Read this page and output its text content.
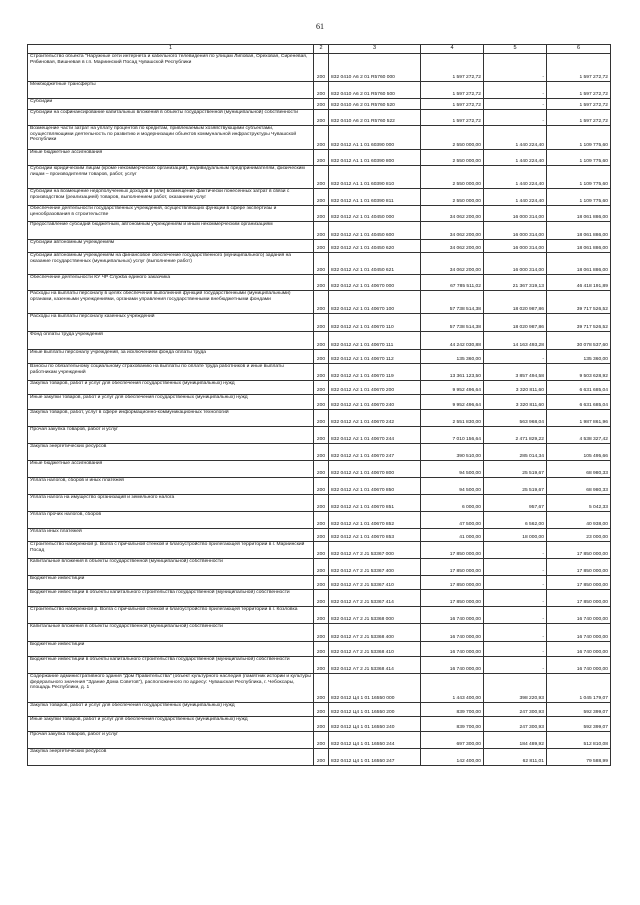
61
1	2	3	4	5	6
Строительство объекта "Наружные сети интернета и кабельного телевидения по улицам Липовая, Ореховая, Сиреневая, Рябиновая, Вишневая в г.п. Мариинский Посад Чувашской Республики	200	832 0410 А6 2 01 R5760 000	1 597 272,72	-	1 597 272,72
Межбюджетные трансферты	200	832 0410 А6 2 01 R5760 500	1 597 272,72	-	1 597 272,72
Субсидии	200	832 0410 А6 2 01 R5760 520	1 597 272,72	-	1 597 272,72
Субсидии на софинансирование капитальных вложений в объекты государственной (муниципальной) собственности	200	832 0410 А6 2 01 R5760 522	1 597 272,72	-	1 597 272,72
Возмещение части затрат на уплату процентов по кредитам, привлекаемым хозяйствующими субъектами, осуществляющими деятельность по развитию и модернизации объектов коммунальной инфраструктуры Чувашской Республики	200	832 0412 А1 1 01 60390 000	2 550 000,00	1 440 224,40	1 109 775,60
Иные бюджетные ассигнования	200	832 0412 А1 1 01 60390 800	2 550 000,00	1 440 224,40	1 109 775,60
Субсидии юридическим лицам (кроме некоммерческих организаций), индивидуальным предпринимателям, физическим лицам – производителям товаров, работ, услуг	200	832 0412 А1 1 01 60390 810	2 550 000,00	1 440 224,40	1 109 775,60
Субсидии на возмещение недополученных доходов и (или) возмещение фактически понесенных затрат в связи с производством (реализацией) товаров, выполнением работ, оказанием услуг	200	832 0412 А1 1 01 60390 811	2 550 000,00	1 440 224,40	1 109 775,60
Обеспечение деятельности государственных учреждений, осуществляющих функции в сфере экспертизы и ценообразования в строительстве	200	832 0412 А2 1 01 40450 000	34 062 200,00	16 000 314,00	18 061 886,00
Предоставление субсидий бюджетным, автономным учреждениям и иным некоммерческим организациям	200	832 0412 А2 1 01 40450 600	34 062 200,00	16 000 314,00	18 061 886,00
Субсидии автономным учреждениям	200	832 0412 А2 1 01 40450 620	34 062 200,00	16 000 314,00	18 061 886,00
Субсидии автономным учреждениям на финансовое обеспечение государственного (муниципального) задания на оказание государственных (муниципальных) услуг (выполнение работ)	200	832 0412 А2 1 01 40450 621	34 062 200,00	16 000 314,00	18 061 886,00
Обеспечение деятельности КУ ЧР Служба единого заказчика	200	832 0412 А2 1 01 40670 000	67 785 511,02	21 367 319,13	46 418 191,89
Расходы на выплаты персоналу в целях обеспечения выполнения функций государственными (муниципальными) органами, казенными учреждениями, органами управления государственными внебюджетными фондами	200	832 0412 А2 1 01 40670 100	57 738 514,38	18 020 987,86	39 717 526,52
Расходы на выплаты персоналу казенных учреждений	200	832 0412 А2 1 01 40670 110	57 738 514,38	18 020 987,86	39 717 526,52
Фонд оплаты труда учреждений	200	832 0412 А2 1 01 40670 111	44 242 030,88	14 163 493,28	30 078 537,60
Иные выплаты персоналу учреждений, за исключением фонда оплаты труда	200	832 0412 А2 1 01 40670 112	135 360,00	-	135 360,00
Взносы по обязательному социальному страхованию на выплаты по оплате труда работников и иные выплаты работникам учреждений	200	832 0412 А2 1 01 40670 119	13 361 123,50	3 857 494,58	9 503 628,92
Закупка товаров, работ и услуг для обеспечения государственных (муниципальных) нужд	200	832 0412 А2 1 01 40670 200	9 952 496,64	3 320 811,60	6 631 685,04
Иные закупки товаров, работ и услуг для обеспечения государственных (муниципальных) нужд	200	832 0412 А2 1 01 40670 240	9 952 496,64	3 320 811,60	6 631 685,04
Закупка товаров, работ, услуг в сфере информационно-коммуникационных технологий	200	832 0412 А2 1 01 40670 242	2 551 830,00	563 968,04	1 987 861,96
Прочая закупка товаров, работ и услуг	200	832 0412 А2 1 01 40670 244	7 010 156,64	2 471 829,22	4 538 327,42
Закупка энергетических ресурсов	200	832 0412 А2 1 01 40670 247	390 510,00	285 014,34	105 495,66
Иные бюджетные ассигнования	200	832 0412 А2 1 01 40670 800	94 500,00	25 519,67	68 980,33
Уплата налогов, сборов и иных платежей	200	832 0412 А2 1 01 40670 850	94 500,00	25 519,67	68 980,33
Уплата налога на имущество организаций и земельного налога	200	832 0412 А2 1 01 40670 851	6 000,00	957,67	5 042,33
Уплата прочих налогов, сборов	200	832 0412 А2 1 01 40670 852	47 500,00	6 562,00	40 938,00
Уплата иных платежей	200	832 0412 А2 1 01 40670 853	41 000,00	18 000,00	23 000,00
Строительство набережной р. Волга с причальной стенкой и благоустройство прилегающей территории в г. Мариинский Посад	200	832 0412 А7 2 J1 53367 000	17 850 000,00	-	17 850 000,00
Капитальные вложения в объекты государственной (муниципальной) собственности	200	832 0412 А7 2 J1 53367 400	17 850 000,00	-	17 850 000,00
Бюджетные инвестиции	200	832 0412 А7 2 J1 53367 410	17 850 000,00	-	17 850 000,00
Бюджетные инвестиции в объекты капитального строительства государственной (муниципальной) собственности	200	832 0412 А7 2 J1 53367 414	17 850 000,00	-	17 850 000,00
Строительство набережной р. Волга с причальной стенкой и благоустройство прилегающей территории в г. Козловка	200	832 0412 А7 2 J1 53368 000	16 740 000,00	-	16 740 000,00
Капитальные вложения в объекты государственной (муниципальной) собственности	200	832 0412 А7 2 J1 53368 400	16 740 000,00	-	16 740 000,00
Бюджетные инвестиции	200	832 0412 А7 2 J1 53368 410	16 740 000,00	-	16 740 000,00
Бюджетные инвестиции в объекты капитального строительства государственной (муниципальной) собственности	200	832 0412 А7 2 J1 53368 414	16 740 000,00	-	16 740 000,00
Содержание административного здания "Дом Правительства" (объект культурного наследия (памятник истории и культуры федерального значения "Здание Дома Советов"), расположенного по адресу: Чувашская Республика, г. Чебоксары, площадь Республики, д. 1	200	832 0412 Ц4 1 01 16550 000	1 443 400,00	398 220,93	1 045 179,07
Закупка товаров, работ и услуг для обеспечения государственных (муниципальных) нужд	200	832 0412 Ц4 1 01 16550 200	839 700,00	247 300,93	592 399,07
Иные закупки товаров, работ и услуг для обеспечения государственных (муниципальных) нужд	200	832 0412 Ц4 1 01 16550 240	839 700,00	247 300,93	592 399,07
Прочая закупка товаров, работ и услуг	200	832 0412 Ц4 1 01 16550 244	697 300,00	184 489,92	512 810,08
Закупка энергетических ресурсов	200	832 0412 Ц4 1 01 16550 247	142 400,00	62 811,01	79 588,99
